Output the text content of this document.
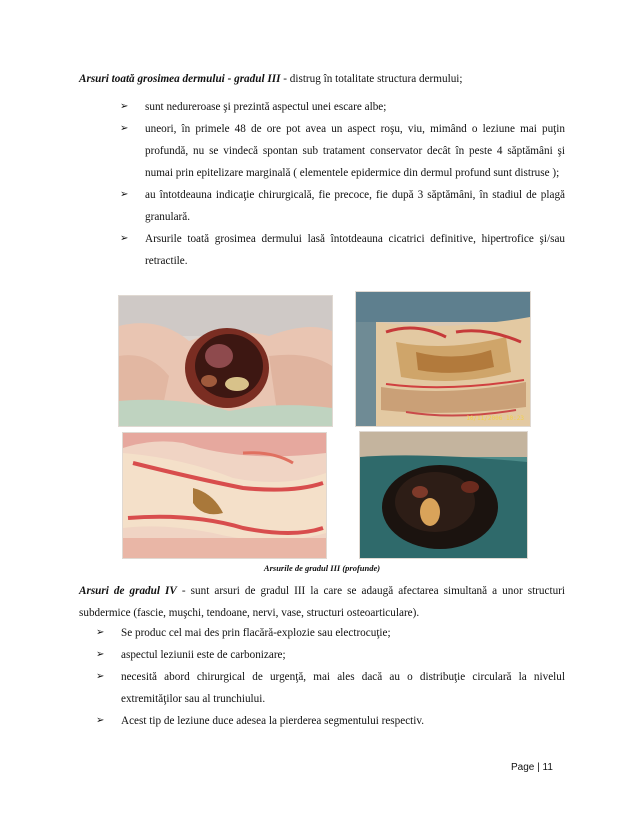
Arsuri toată grosimea dermului - gradul III - distrug în totalitate structura dermului;
➢ sunt nedureroase şi prezintă aspectul unei escare albe;
➢ uneori, în primele 48 de ore pot avea un aspect roşu, viu, mimând o leziune mai puţin profundă, nu se vindecă spontan sub tratament conservator decât în peste 4 săptămâni şi numai prin epitelizare marginală ( elementele epidermice din dermul profund sunt distruse );
➢ au întotdeauna indicaţie chirurgicală, fie precoce, fie după 3 săptămâni, în stadiul de plagă granulară.
➢ Arsurile toată grosimea dermului lasă întotdeauna cicatrici definitive, hipertrofice şi/sau retractile.
10/11/2006 10:23
Arsurile de gradul III (profunde)
Arsuri de gradul IV - sunt arsuri de gradul III la care se adaugă afectarea simultană a unor structuri subdermice (fascie, muşchi, tendoane, nervi, vase, structuri osteoarticulare).
➢ Se produc cel mai des prin flacără-explozie sau electrocuţie;
➢ aspectul leziunii este de carbonizare;
➢ necesită abord chirurgical de urgenţă, mai ales dacă au o distribuţie circulară la nivelul extremităţilor sau al trunchiului.
➢ Acest tip de leziune duce adesea la pierderea segmentului respectiv.
Page | 11
